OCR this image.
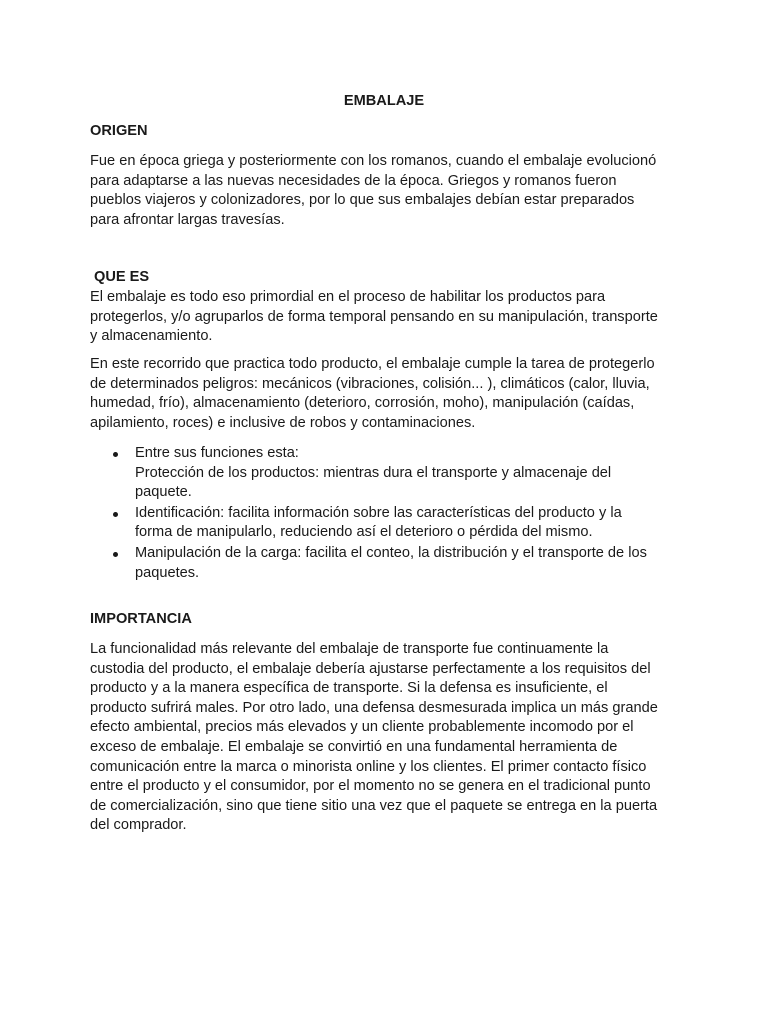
EMBALAJE
ORIGEN
Fue en época griega y posteriormente con los romanos, cuando el embalaje evolucionó
para adaptarse a las nuevas necesidades de la época. Griegos y romanos fueron
pueblos viajeros y colonizadores, por lo que sus embalajes debían estar preparados
para afrontar largas travesías.
QUE ES
El embalaje es todo eso primordial en el proceso de habilitar los productos para
protegerlos, y/o agruparlos de forma temporal pensando en su manipulación, transporte
y almacenamiento.
En este recorrido que practica todo producto, el embalaje cumple la tarea de protegerlo
de determinados peligros: mecánicos (vibraciones, colisión... ), climáticos (calor, lluvia,
humedad, frío), almacenamiento (deterioro, corrosión, moho), manipulación (caídas,
apilamiento, roces) e inclusive de robos y contaminaciones.
Entre sus funciones esta:
Protección de los productos: mientras dura el transporte y almacenaje del
paquete.
Identificación: facilita información sobre las características del producto y la
forma de manipularlo, reduciendo así el deterioro o pérdida del mismo.
Manipulación de la carga: facilita el conteo, la distribución y el transporte de los
paquetes.
IMPORTANCIA
La funcionalidad más relevante del embalaje de transporte fue continuamente la
custodia del producto, el embalaje debería ajustarse perfectamente a los requisitos del
producto y a la manera específica de transporte. Si la defensa es insuficiente, el
producto sufrirá males. Por otro lado, una defensa desmesurada implica un más grande
efecto ambiental, precios más elevados y un cliente probablemente incomodo por el
exceso de embalaje. El embalaje se convirtió en una fundamental herramienta de
comunicación entre la marca o minorista online y los clientes. El primer contacto físico
entre el producto y el consumidor, por el momento no se genera en el tradicional punto
de comercialización, sino que tiene sitio una vez que el paquete se entrega en la puerta
del comprador.
